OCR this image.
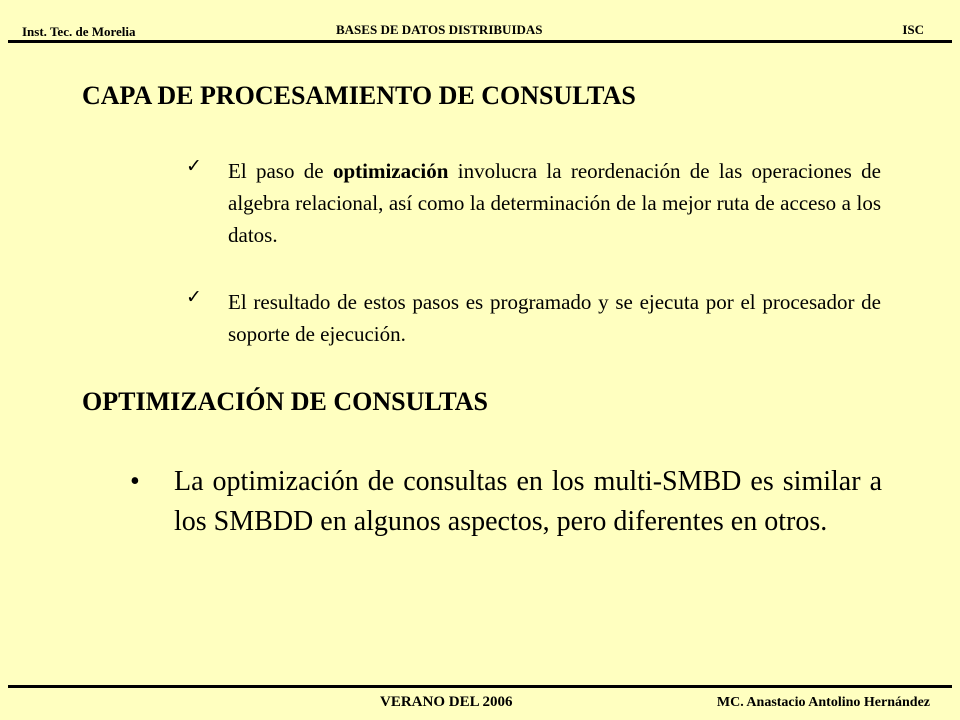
Inst. Tec. de Morelia	BASES DE DATOS DISTRIBUIDAS	ISC
CAPA DE PROCESAMIENTO DE CONSULTAS
✓ El paso de optimización involucra la reordenación de las operaciones de algebra relacional, así como la determinación de la mejor ruta de acceso a los datos.
✓ El resultado de estos pasos es programado y se ejecuta por el procesador de soporte de ejecución.
OPTIMIZACIÓN DE CONSULTAS
• La optimización de consultas en los multi-SMBD es similar a los SMBDD en algunos aspectos, pero diferentes en otros.
VERANO DEL 2006	MC. Anastacio Antolino Hernández
